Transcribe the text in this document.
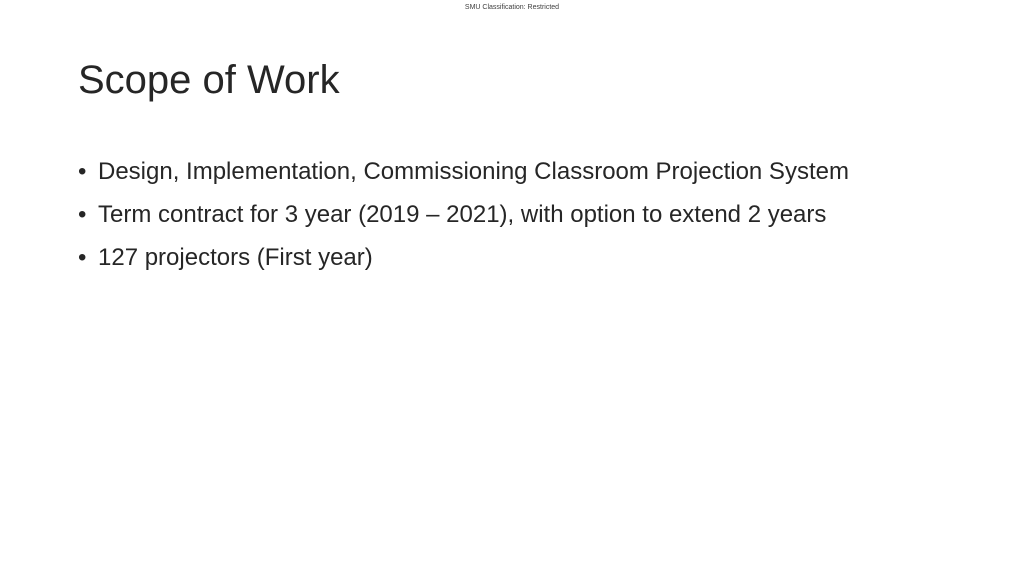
SMU Classification: Restricted
Scope of Work
• Design, Implementation, Commissioning Classroom Projection System
• Term contract for 3 year (2019 – 2021), with option to extend 2 years
• 127 projectors (First year)
